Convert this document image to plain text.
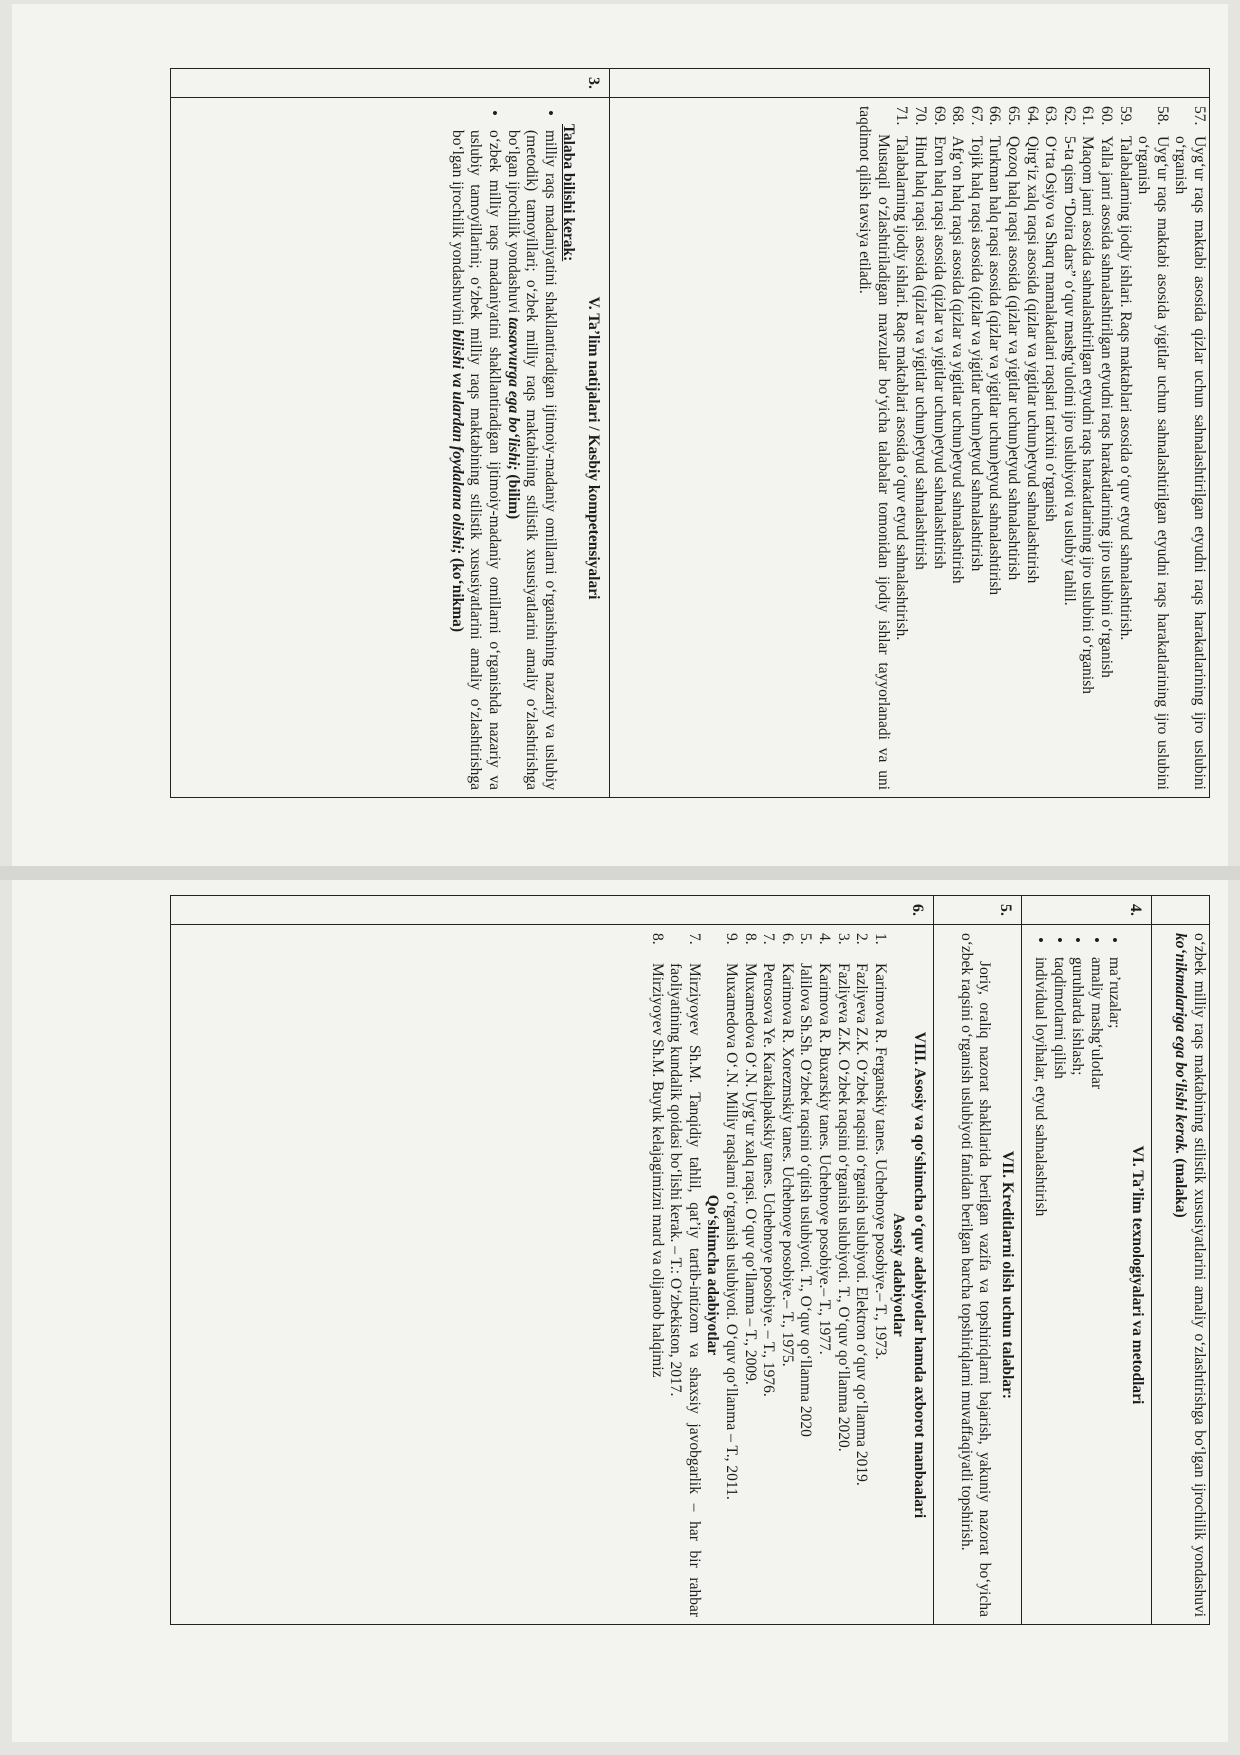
3.
57.
Uyg‘ur raqs maktabi asosida qizlar uchun sahnalashtirilgan etyudni raqs harakatlarining ijro uslubini o‘rganish
58.
Uyg‘ur raqs maktabi asosida yigitlar uchun sahnalashtirilgan etyudni raqs harakatlarining ijro uslubini o‘rganish
59.
Talabalarning ijodiy ishlari. Raqs maktablari asosida o‘quv etyud sahnalashtirish.
60.
Yalla janri asosida sahnalashtirilgan etyudni raqs harakatlarining ijro uslubini o‘rganish
61.
Maqom janri asosida sahnalashtirilgan etyudni raqs harakatlarining ijro uslubini o‘rganish
62.
5-ta qism “Doira dars” o‘quv mashg‘ulotini ijro uslubiyoti va uslubiy tahlil.
63.
O‘rta Osiyo va Sharq mamalakatlari raqslari tarixini o‘rganish
64.
Qirg‘iz xalq raqsi asosida (qizlar va yigitlar uchun)etyud sahnalashtirish
65.
Qozoq halq raqsi asosida (qizlar va yigitlar uchun)etyud sahnalashtirish
66.
Turkman halq raqsi asosida (qizlar va yigitlar uchun)etyud sahnalashtirish
67.
Tojik halq raqsi asosida (qizlar va yigitlar uchun)etyud sahnalashtirish
68.
Afg‘on halq raqsi asosida (qizlar va yigitlar uchun)etyud sahnalashtirish
69.
Eron halq raqsi asosida (qizlar va yigitlar uchun)etyud sahnalashtirish
70.
Hind halq raqsi asosida (qizlar va yigitlar uchun)etyud sahnalashtirish
71.
Talabalarning ijodiy ishlari. Raqs maktablari asosida o‘quv etyud sahnalashtirish.

Mustaqil o‘zlashtiriladigan mavzular bo‘yicha talabalar tomonidan ijodiy ishlar tayyorlanadi va uni taqdimot qilish tavsiya etiladi.

V. Ta’lim natijalari / Kasbiy kompetensiyalari

Talaba bilishi kerak:

• milliy raqs madaniyatini shakllantiradigan ijtimoiy-madaniy omillarni o‘rganishning nazariy va uslubiy (metodik) tamoyillari; o‘zbek milliy raqs maktabining stilistik xususiyatlarini amaliy o‘zlashtirishga bo‘lgan ijrochilik yondashuvi tasavvurga ega bo‘lishi; (bilim)
• o‘zbek milliy raqs madaniyatini shakllantiradigan ijtimoiy-madaniy omillarni o‘rganishda nazariy va uslubiy tamoyillarini; o‘zbek milliy raqs maktabining stilistik xususiyatlarini amaliy o‘zlashtirishga bo‘lgan ijrochilik yondashuvini bilishi va ulardan foydalana olishi; (ko‘nikma)
4.
5.
6.

o‘zbek milliy raqs maktabining stilistik xususiyatlarini amaliy o‘zlashtirishga bo‘lgan ijrochilik yondashuvi ko‘nikmalariga ega bo‘lishi kerak. (malaka)

VI. Ta’lim texnologiyalari va metodlari

• ma’ruzalar;
• amaliy mashg‘ulotlar
• guruhlarda ishlash;
• taqdimotlarni qilish
• individual loyihalar, etyud sahnalashtirish

VII. Kreditlarni olish uchun talablar:

Joriy, oraliq nazorat shakllarida berilgan vazifa va topshiriqlarni bajarish, yakuniy nazorat bo‘yicha o‘zbek raqsini o‘rganish uslubiyoti fanidan berilgan barcha topshiriqlarni muvaffaqiyatli topshirish.

VIII. Asosiy va qo‘shimcha o‘quv adabiyotlar hamda axborot manbaalari

Asosiy adabiyotlar

1.
Karimova R. Ferganskiy tanes. Uchebnoye posobiye.– T., 1973.
2.
Fazliyeva Z.K. O‘zbek raqsini o‘rganish uslubiyoti. Elektron o‘quv qo‘llanma 2019.
3.
Fazliyeva Z.K. O‘zbek raqsini o‘rganish uslubiyoti. T., O‘quv qo‘llanma 2020.
4.
Karimova R. Buxarskiy tanes. Uchebnoye posobiye.– T., 1977.
5.
Jalilova Sh.Sh. O‘zbek raqsini o‘qitish uslubiyoti. T., O‘quv qo‘llanma 2020
6.
Karimova R. Xorezmskiy tanes. Uchebnoye posobiye.– T., 1975.
7.
Petrosova Ye. Karakalpakskiy tanes. Uchebnoye posobiye. – T., 1976.
8.
Muxamedova O‘.N. Uyg‘ur xalq raqsi. O‘quv qo‘llanma – T., 2009.
9.
Muxamedova O‘.N. Milliy raqslarni o‘rganish uslubiyoti. O‘quv qo‘llanma – T., 2011.

Qo‘shimcha adabiyotlar

7.
Mirziyoyev Sh.M. Tanqidiy tahlil, qat’iy tartib-intizom va shaxsiy javobgarlik – har bir rahbar faoliyatining kundalik qoidasi bo‘lishi kerak. – T.: O‘zbekiston, 2017.
8.
Mirziyoyev Sh.M. Buyuk kelajagimizni mard va olijanob halqimiz
